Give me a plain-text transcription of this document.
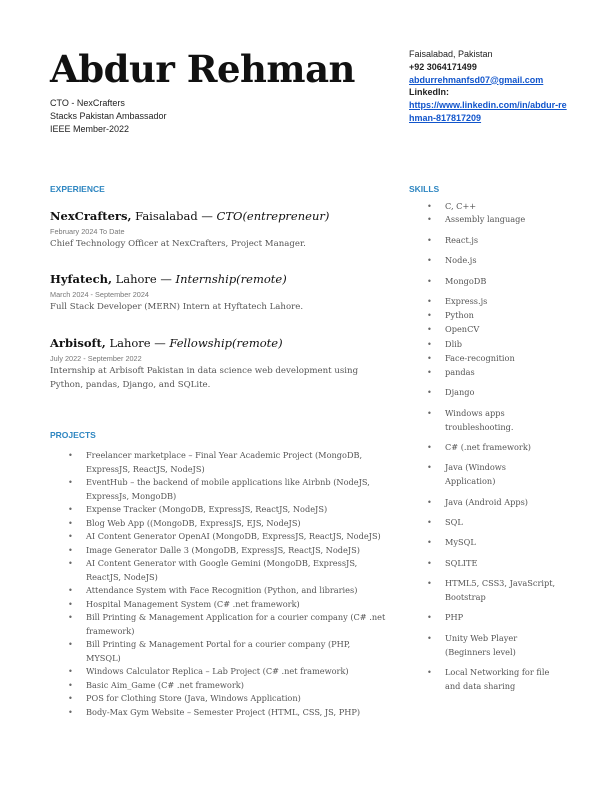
Abdur Rehman
CTO - NexCrafters
Stacks Pakistan Ambassador
IEEE Member-2022
Faisalabad, Pakistan
+92 3064171499
abdurrehmanfsd07@gmail.com
LinkedIn:
https://www.linkedin.com/in/abdur-rehman-817817209
EXPERIENCE
NexCrafters, Faisalabad — CTO(entrepreneur)
February 2024 To Date
Chief Technology Officer at NexCrafters, Project Manager.
Hyfatech, Lahore — Internship(remote)
March 2024 - September 2024
Full Stack Developer (MERN) Intern at Hyftatech Lahore.
Arbisoft, Lahore — Fellowship(remote)
July 2022 - September 2022
Internship at Arbisoft Pakistan in data science web development using Python, pandas, Django, and SQLite.
PROJECTS
• Freelancer marketplace – Final Year Academic Project (MongoDB, ExpressJS, ReactJS, NodeJS)
• EventHub – the backend of mobile applications like Airbnb (NodeJS, ExpressJs, MongoDB)
• Expense Tracker (MongoDB, ExpressJS, ReactJS, NodeJS)
• Blog Web App ((MongoDB, ExpressJS, EJS, NodeJS)
• AI Content Generator OpenAI (MongoDB, ExpressJS, ReactJS, NodeJS)
• Image Generator Dalle 3 (MongoDB, ExpressJS, ReactJS, NodeJS)
• AI Content Generator with Google Gemini (MongoDB, ExpressJS, ReactJS, NodeJS)
• Attendance System with Face Recognition (Python, and libraries)
• Hospital Management System (C# .net framework)
• Bill Printing & Management Application for a courier company (C# .net framework)
• Bill Printing & Management Portal for a courier company (PHP, MYSQL)
• Windows Calculator Replica – Lab Project (C# .net framework)
• Basic Aim_Game (C# .net framework)
• POS for Clothing Store (Java, Windows Application)
• Body-Max Gym Website – Semester Project (HTML, CSS, JS, PHP)
SKILLS
• C, C++
• Assembly language
• React.js
• Node.js
• MongoDB
• Express.js
• Python
• OpenCV
• Dlib
• Face-recognition
• pandas
• Django
• Windows apps troubleshooting.
• C# (.net framework)
• Java (Windows Application)
• Java (Android Apps)
• SQL
• MySQL
• SQLITE
• HTML5, CSS3, JavaScript, Bootstrap
• PHP
• Unity Web Player (Beginners level)
• Local Networking for file and data sharing
